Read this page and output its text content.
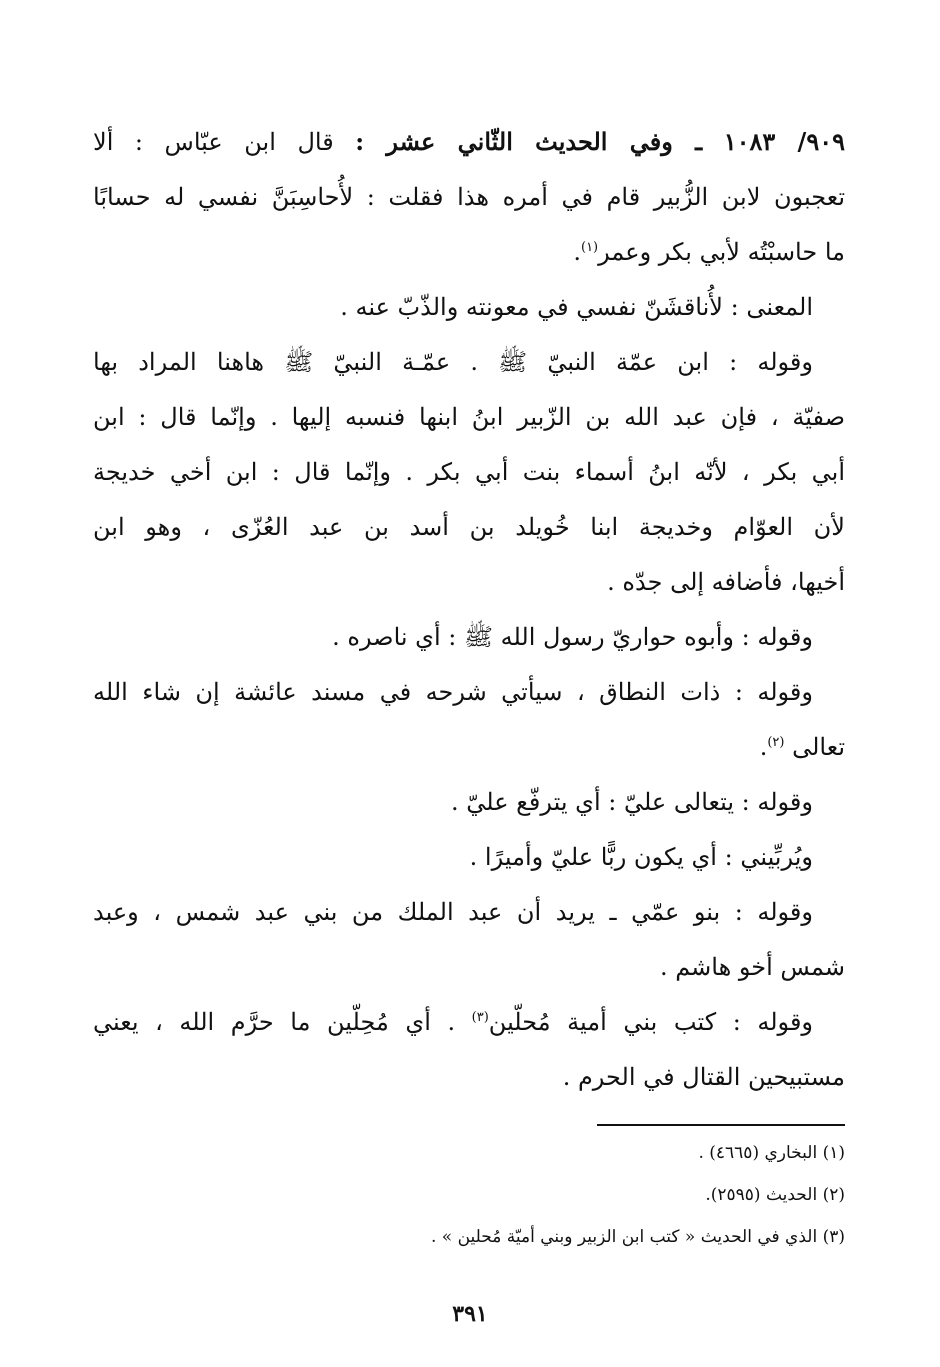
٩٠٩/ ١٠٨٣ ـ وفي الحديث الثّاني عشر : قال ابن عبّاس : ألا
تعجبون لابن الزُّبير قام في أمره هذا فقلت : لأُحاسِبَنَّ نفسي له حسابًا
ما حاسبْتُه لأبي بكر وعمر$^{(١)}$.
المعنى : لأُناقشَنّ نفسي في معونته والذّبّ عنه .
وقوله : ابن عمّة النبيّ ﷺ . عمّـة النبيّ ﷺ هاهنا المراد بها
صفيّة ، فإن عبد الله بن الزّبير ابنُ ابنها فنسبه إليها . وإنّما قال : ابن
أبي بكر ، لأنّه ابنُ أسماء بنت أبي بكر . وإنّما قال : ابن أخي خديجة
لأن العوّام وخديجة ابنا خُويلد بن أسد بن عبد العُزّى ، وهو ابن
أخيها، فأضافه إلى جدّه .
وقوله : وأبوه حواريّ رسول الله ﷺ : أي ناصره .
وقوله : ذات النطاق ، سيأتي شرحه في مسند عائشة إن شاء الله
تعالى $^{(٢)}$.
وقوله : يتعالى عليّ : أي يترفّع عليّ .
ويُربِّيني : أي يكون ربًّا عليّ وأميرًا .
وقوله : بنو عمّي ـ يريد أن عبد الملك من بني عبد شمس ، وعبد
شمس أخو هاشم .
وقوله : كتب بني أمية مُحلّين$^{(٣)}$ . أي مُحِلّين ما حرَّم الله ، يعني
مستبيحين القتال في الحرم .
(١) البخاري (٤٦٦٥) .
(٢) الحديث (٢٥٩٥).
(٣) الذي في الحديث « كتب ابن الزبير وبني أميّة مُحلين » .
٣٩١
